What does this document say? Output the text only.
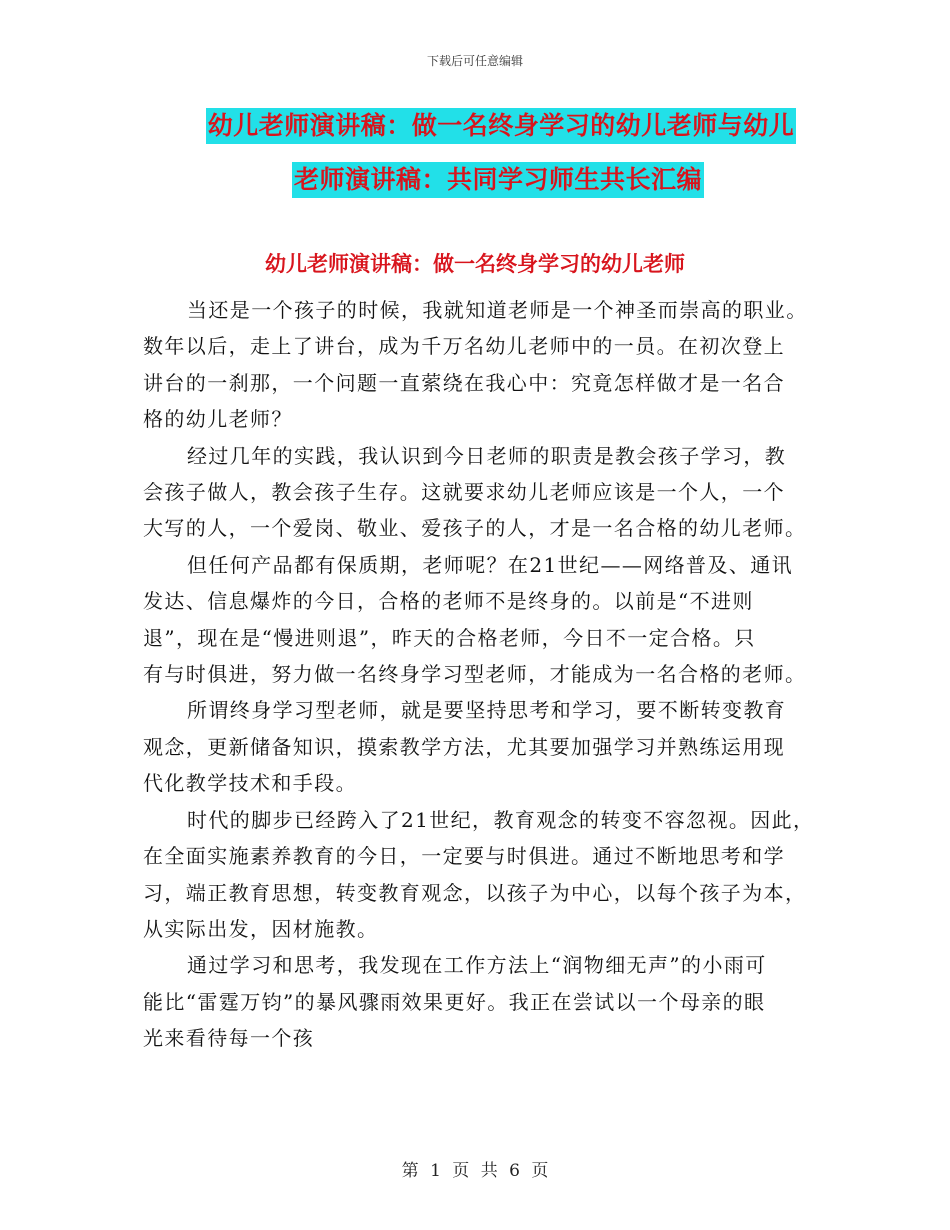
下载后可任意编辑
幼儿老师演讲稿：做一名终身学习的幼儿老师与幼儿
老师演讲稿：共同学习师生共长汇编
幼儿老师演讲稿：做一名终身学习的幼儿老师
当还是一个孩子的时候，我就知道老师是一个神圣而崇高的职业。
数年以后，走上了讲台，成为千万名幼儿老师中的一员。在初次登上
讲台的一刹那，一个问题一直萦绕在我心中：究竟怎样做才是一名合
格的幼儿老师？
经过几年的实践，我认识到今日老师的职责是教会孩子学习，教
会孩子做人，教会孩子生存。这就要求幼儿老师应该是一个人，一个
大写的人，一个爱岗、敬业、爱孩子的人，才是一名合格的幼儿老师。
但任何产品都有保质期，老师呢？在21世纪——网络普及、通讯
发达、信息爆炸的今日，合格的老师不是终身的。以前是“不进则
退”，现在是“慢进则退”，昨天的合格老师，今日不一定合格。只
有与时俱进，努力做一名终身学习型老师，才能成为一名合格的老师。
所谓终身学习型老师，就是要坚持思考和学习，要不断转变教育
观念，更新储备知识，摸索教学方法，尤其要加强学习并熟练运用现
代化教学技术和手段。
时代的脚步已经跨入了21世纪，教育观念的转变不容忽视。因此，
在全面实施素养教育的今日，一定要与时俱进。通过不断地思考和学
习，端正教育思想，转变教育观念，以孩子为中心，以每个孩子为本，
从实际出发，因材施教。
通过学习和思考，我发现在工作方法上“润物细无声”的小雨可
能比“雷霆万钧”的暴风骤雨效果更好。我正在尝试以一个母亲的眼
光来看待每一个孩
第 1 页 共 6 页
